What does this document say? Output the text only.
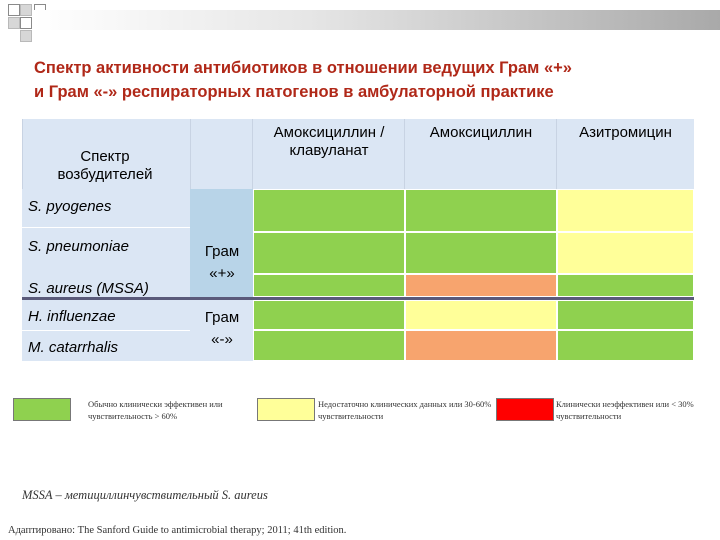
Спектр активности антибиотиков в отношении ведущих Грам «+»
и Грам «-» респираторных патогенов в амбулаторной практике
Спектр возбудителей
Амоксициллин / клавуланат
Амоксициллин	Азитромицин
S. pyogenes
S. pneumoniae
S. aureus (MSSA)
H. influenzae
M. catarrhalis
Грам «+»
Грам «-»
Обычно клинически эффективен или чувствительность > 60%
Недостаточно клинических данных или 30-60% чувствительности
Клинически неэффективен или < 30% чувствительности
MSSA – метициллинчувствительный S. aureus
Адаптировано: The Sanford Guide to antimicrobial therapy; 2011; 41th edition.
